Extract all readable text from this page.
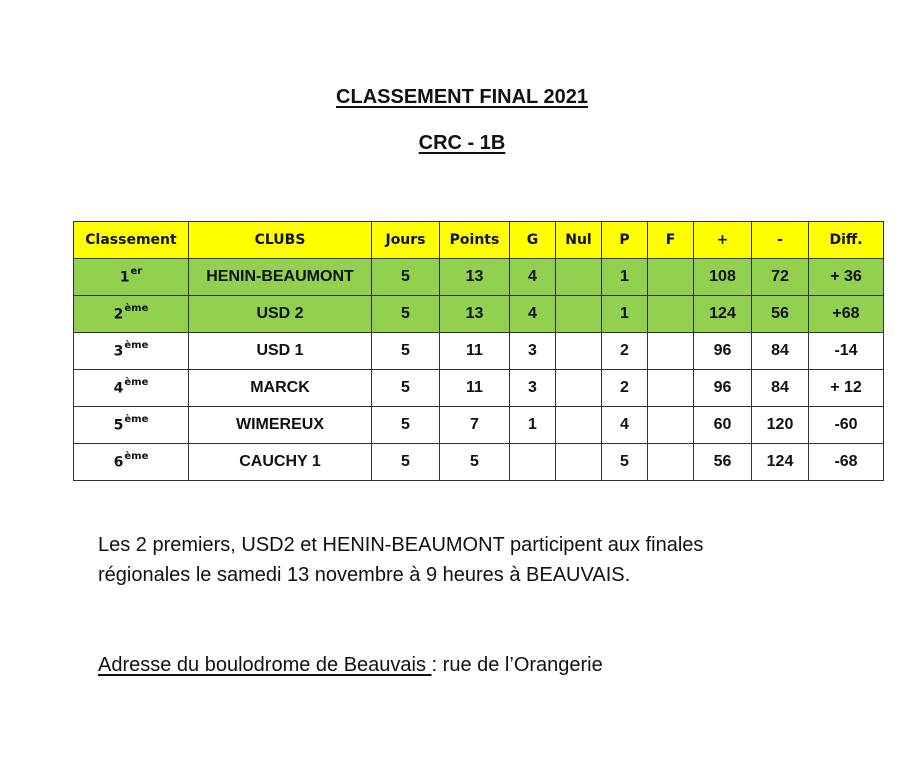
CLASSEMENT FINAL 2021
CRC - 1B
Classement	CLUBS	Jours	Points	G	Nul	P	F	+	-	Diff.
1er	HENIN-BEAUMONT	5	13	4		1		108	72	+ 36
2ème	USD 2	5	13	4		1		124	56	+68
3ème	USD 1	5	11	3		2		96	84	-14
4ème	MARCK	5	11	3		2		96	84	+ 12
5ème	WIMEREUX	5	7	1		4		60	120	-60
6ème	CAUCHY 1	5	5			5		56	124	-68

Les 2 premiers, USD2 et HENIN-BEAUMONT participent aux finales
régionales le samedi 13 novembre à 9 heures à BEAUVAIS.

Adresse du boulodrome de Beauvais : rue de l’Orangerie
